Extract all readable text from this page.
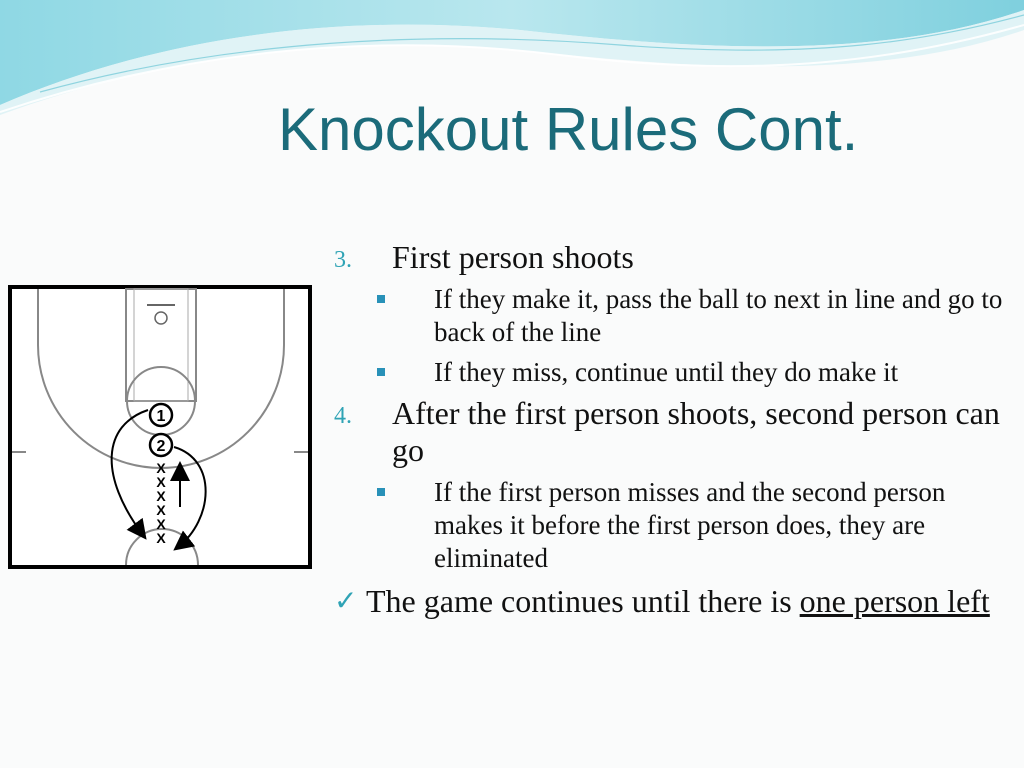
Knockout Rules Cont.
1
2
X
X
X
X
X
X
3. First person shoots
If they make it, pass the ball to next in line and go to back of the line
If they miss, continue until they do make it
4. After the first person shoots, second person can go
If the first person misses and the second person makes it before the first person does, they are eliminated
✓ The game continues until there is one person left
